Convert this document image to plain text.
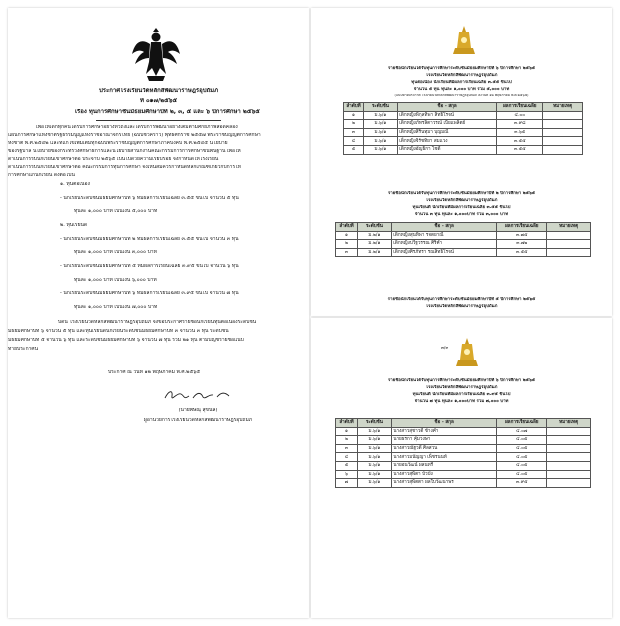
ประกาศโรงเรียนวัดหลักสี่พัฒนาราษฎร์อุปถัมภ์
ที่ ๐๑๗/๒๕๖๕
เรื่อง ทุนการศึกษาชั้นมัธยมศึกษาปีที่ ๒, ๓, ๕ และ ๖ ปีการศึกษา ๒๕๖๕
เพื่อให้เด็กทุกคนได้รับการศึกษาอย่างทั่วถึงและได้รับการพัฒนาอย่างเต็มตามศักยภาพสอดคล้อง
แผนการศึกษาแห่งชาติรัฐธรรมนูญแห่งราชอาณาจักรไทย (ฉบับชั่วคราว) พุทธศักราช ๒๕๕๗ พระราชบัญญัติการศึกษา
ห่งชาติ พ.ศ.๒๕๔๒ และที่แก้ไขเพิ่มเติมทุกฉบับพระราชบัญญัติการศึกษาภาคบังคับ พ.ศ.๒๕๔๕ นโยบาย
ของรัฐบาล นโยบายของกระทรวงศึกษาธิการและนโยบายสำนักงานคณะกรรมการการศึกษาขั้นพื้นฐาน เพื่อให้
ดำเนินการรับนักเรียนเข้าศึกษาต่อ ประจำปี ๒๕๖๕ เป็นไปด้วยความเรียบร้อย จึงกำหนดให้โรงเรียน
ดำเนินการรับนักเรียนเข้าศึกษาต่อ คณะกรรมการทุนการศึกษา จึงเห็นสมควรกำหนดหลักเกณฑ์เกี่ยวกับการให้
การศึกษาแก่นักเรียน ดังต่อไปนี้
๑. ทุนต่อเนื่อง
- นักเรียนระดับชั้นมัธยมศึกษาปีที่ ๖ ที่มีผลการเรียนเฉลี่ย ๓.๕๕ ขึ้นไป จำนวน ๕ ทุน
ทุนละ ๑,๐๐๐ บาท เป็นเงิน ๕,๐๐๐ บาท
๒. ทุนเรียนดี
- นักเรียนระดับชั้นมัธยมศึกษาปีที่ ๒ ที่มีผลการเรียนเฉลี่ย ๓.๕๕ ขึ้นไป จำนวน ๓ ทุน
ทุนละ ๑,๐๐๐ บาท เป็นเงิน ๓,๐๐๐ บาท
- นักเรียนระดับชั้นมัธยมศึกษาปีที่ ๕ ที่มีผลการเรียนเฉลี่ย ๓.๙๕ ขึ้นไป จำนวน ๖ ทุน
ทุนละ ๑,๐๐๐ บาท เป็นเงิน ๖,๐๐๐ บาท
- นักเรียนระดับชั้นมัธยมศึกษาปีที่ ๖ ที่มีผลการเรียนเฉลี่ย ๓.๙๕ ขึ้นไป จำนวน ๗ ทุน
ทุนละ ๑,๐๐๐ บาท เป็นเงิน ๗,๐๐๐ บาท
บัดนี้ โรงเรียนวัดหลักสี่พัฒนาราษฎร์อุปถัมภ์ จึงขอประกาศรายชื่อนักเรียนทุนต่อเนื่องระดับชั้น
มัธยมศึกษาปีที่ ๖ จำนวน ๕ ทุน และทุนเรียนดีนักเรียนระดับชั้นมัธยมศึกษาปีที่ ๓ จำนวน ๓ ทุน ระดับชั้น
มัธยมศึกษาปีที่ ๕ จำนวน ๖ ทุน และระดับชั้นมัธยมศึกษาปีที่ ๖ จำนวน ๗ ทุน รวม ๒๑ ทุน ตามบัญชีรายชื่อแนบ
ท้ายประกาศนี้
ประกาศ ณ วันที่ ๑๒ พฤษภาคม พ.ศ.๒๕๖๕
(นายพิษณุ สุขนิล)
ผู้อำนวยการโรงเรียนวัดหลักสี่พัฒนาราษฎร์อุปถัมภ์
รายชื่อนักเรียนได้รับทุนการศึกษาระดับชั้นมัธยมศึกษาปีที่ ๖ ปีการศึกษา ๒๕๖๕
โรงเรียนวัดหลักสี่พัฒนาราษฎร์อุปถัมภ์
ทุนต่อเนื่อง นักเรียนที่มีผลการเรียนเฉลี่ย ๓.๕๕ ขึ้นไป
จำนวน ๕ ทุน ทุนละ ๑,๐๐๐ บาท รวม ๕,๐๐๐ บาท
(แนบท้ายประกาศ โรงเรียนวัดหลักสี่พัฒนาราษฎร์อุปถัมภ์ ลงวันที่ ๑๒ พฤษภาคม พ.ศ.๒๕๖๕)
ลำดับที่	ระดับชั้น	ชื่อ - สกุล	ผลการเรียนเฉลี่ย	หมายเหตุ
๑	ม.๖/๑	เด็กหญิงพิกุลทิพา สิทธิโรจน์	๔.๐๐	
๒	ม.๖/๑	เด็กหญิงภัทรลิตาวรณ์ เปียแพลิตย์	๓.๙๘	
๓	ม.๖/๑	เด็กหญิงสิรินทุมา บุญมณี	๓.๖๕	
๔	ม.๖/๑	เด็กหญิงจิรัชทิยา สมแวง	๓.๕๕	
๕	ม.๖/๑	เด็กหญิงอัญธิกา ไชดี	๓.๕๕	
รายชื่อนักเรียนได้รับทุนการศึกษาระดับชั้นมัธยมศึกษาปีที่ ๒ ปีการศึกษา ๒๕๖๕
โรงเรียนวัดหลักสี่พัฒนาราษฎร์อุปถัมภ์
ทุนเรียนดี นักเรียนที่มีผลการเรียนเฉลี่ย ๓.๕๕ ขึ้นไป
จำนวน ๓ ทุน ทุนละ ๑,๐๐๐บาท รวม ๓,๐๐๐ บาท
ลำดับที่	ระดับชั้น	ชื่อ - สกุล	ผลการเรียนเฉลี่ย	หมายเหตุ
๑	ม.๒/๑	เด็กหญิงสุนทิพา รจตยาณี	๓.๗๕	
๒	ม.๒/๑	เด็กหญิงปวีฐวรรณ ศิริคำ	๓.๗๒	
๓	ม.๒/๑	เด็กหญิงศิรภัทรา รณสิทธิโรจน์	๓.๕๕	
รายชื่อนักเรียนได้รับทุนการศึกษาระดับชั้นมัธยมศึกษาปีที่ ๕ ปีการศึกษา ๒๕๖๕
โรงเรียนวัดหลักสี่พัฒนาราษฎร์อุปถัมภ์
๓/๓
รายชื่อนักเรียนได้รับทุนการศึกษาระดับชั้นมัธยมศึกษาปีที่ ๖ ปีการศึกษา ๒๕๖๕
โรงเรียนวัดหลักสี่พัฒนาราษฎร์อุปถัมภ์
ทุนเรียนดี นักเรียนที่มีผลการเรียนเฉลี่ย ๓.๙๕ ขึ้นไป
จำนวน ๗ ทุน ทุนละ ๑,๐๐๐บาท รวม ๗,๐๐๐ บาท
ลำดับที่	ระดับชั้น	ชื่อ - สกุล	ผลการเรียนเฉลี่ย	หมายเหตุ
๑	ม.๖/๑	นางสาวสุชาวดี ข้างคำ	๔.๐๗	
๒	ม.๖/๑	นายธรกา คุ้มวงษา	๔.๐๕	
๓	ม.๖/๑	นางสาวณัฐวดี ศิลสวน	๔.๐๕	
๔	ม.๖/๑	นางสาวมนัญญา เพ็ชรนนท์	๔.๐๕	
๕	ม.๖/๑	นายอนวัฒน์ ผลนทรี	๔.๐๕	
๖	ม.๖/๑	นางสาวสุพิตา บัวบัง	๔.๐๕	
๗	ม.๖/๑	นางสาวสุพิตตา ผลใบวัฒนาพร	๓.๙๕	
